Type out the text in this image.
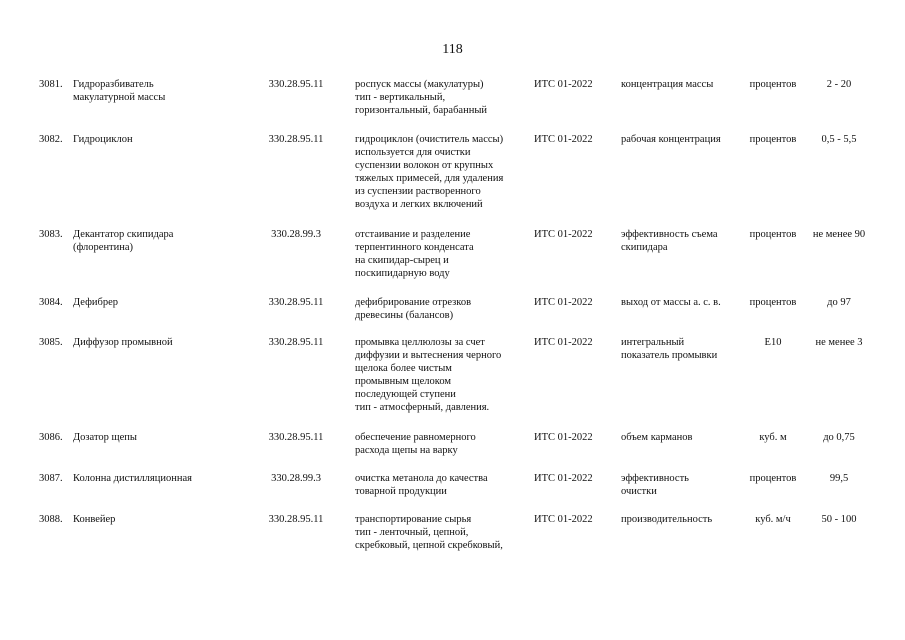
118
3081. Гидроразбиватель
макулатурной массы
330.28.95.11	роспуск массы (макулатуры)
тип - вертикальный,
горизонтальный, барабанный
ИТС 01-2022	концентрация массы	процентов	2 - 20
3082. Гидроциклон	330.28.95.11	гидроциклон (очиститель массы)
используется для очистки
суспензии волокон от крупных
тяжелых примесей, для удаления
из суспензии растворенного
воздуха и легких включений
ИТС 01-2022	рабочая концентрация	процентов	0,5 - 5,5
3083. Декантатор скипидара
(флорентина)
330.28.99.3	отстаивание и разделение
терпентинного конденсата
на скипидар-сырец и
поскипидарную воду
ИТС 01-2022	эффективность съема
скипидара
процентов	не менее 90
3084. Дефибрер	330.28.95.11	дефибрирование отрезков
древесины (балансов)
ИТС 01-2022	выход от массы а. с. в.	процентов	до 97
3085. Диффузор промывной	330.28.95.11	промывка целлюлозы за счет
диффузии и вытеснения черного
щелока более чистым
промывным щелоком
последующей ступени
тип - атмосферный, давления.
ИТС 01-2022	интегральный
показатель промывки
Е10	не менее 3
3086. Дозатор щепы	330.28.95.11	обеспечение равномерного
расхода щепы на варку
ИТС 01-2022	объем карманов	куб. м	до 0,75
3087. Колонна дистилляционная	330.28.99.3	очистка метанола до качества
товарной продукции
ИТС 01-2022	эффективность
очистки
процентов	99,5
3088. Конвейер	330.28.95.11	транспортирование сырья
тип - ленточный, цепной,
скребковый, цепной скребковый,
ИТС 01-2022	производительность	куб. м/ч	50 - 100
